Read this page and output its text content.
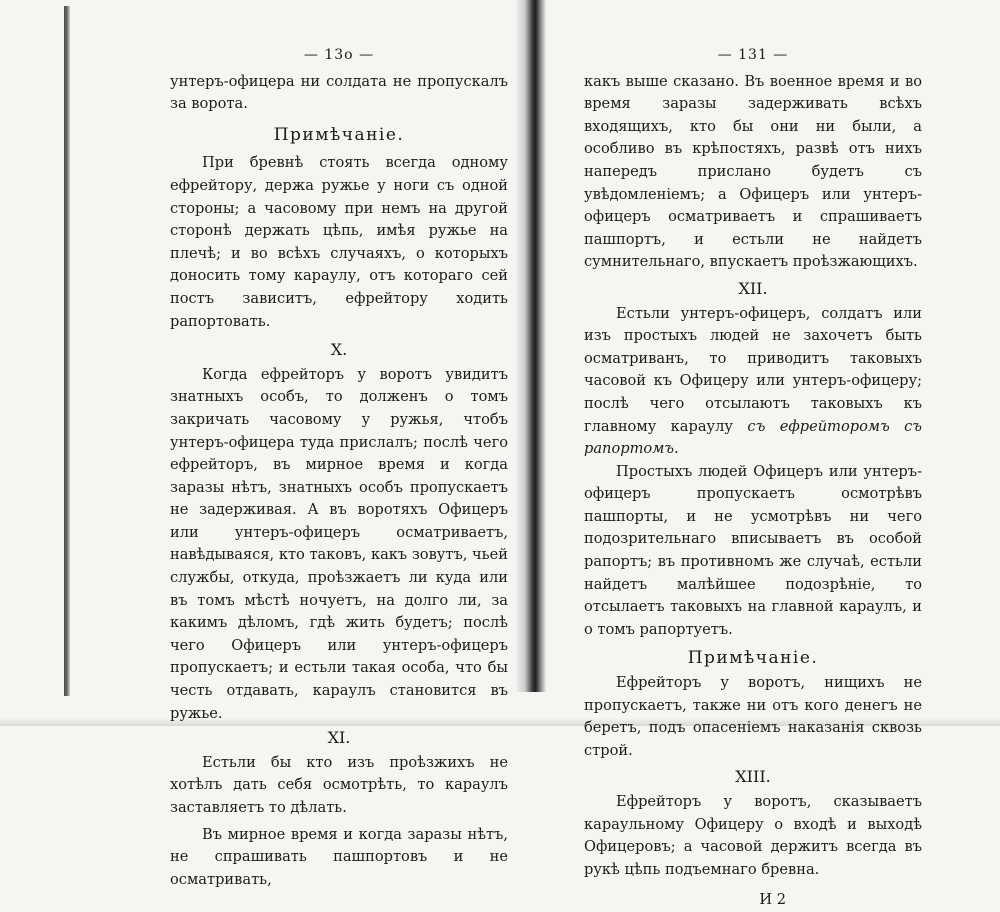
— 13о —

унтеръ-офицера ни солдата не пропускалъ за ворота.

Примѣчаніе.

При бревнѣ стоять всегда одному ефрейтору, держа ружье у ноги съ одной стороны; а часовому при немъ на другой сторонѣ держать цѣпь, имѣя ружье на плечѣ; и во всѣхъ случаяхъ, о которыхъ доносить тому караулу, отъ котораго сей постъ зависитъ, ефрейтору ходить рапортовать.

X.

Когда ефрейторъ у воротъ увидитъ знатныхъ особъ, то долженъ о томъ закричать часовому у ружья, чтобъ унтеръ-офицера туда прислалъ; послѣ чего ефрейторъ, въ мирное время и когда заразы нѣтъ, знатныхъ особъ пропускаетъ не задерживая. А въ воротяхъ Офицеръ или унтеръ-офицеръ осматриваетъ, навѣдываяся, кто таковъ, какъ зовутъ, чьей службы, откуда, проѣзжаетъ ли куда или въ томъ мѣстѣ ночуетъ, на долго ли, за какимъ дѣломъ, гдѣ жить будетъ; послѣ чего Офицеръ или унтеръ-офицеръ пропускаетъ; и естьли такая особа, что бы честь отдавать, караулъ становится въ ружье.

XI.

Естьли бы кто изъ проѣзжихъ не хотѣлъ дать себя осмотрѣть, то караулъ заставляетъ то дѣлать.

Въ мирное время и когда заразы нѣтъ, не спрашивать пашпортовъ и не осматривать,

— 131 —

какъ выше сказано. Въ военное время и во время заразы задерживать всѣхъ входящихъ, кто бы они ни были, а особливо въ крѣпостяхъ, развѣ отъ нихъ напередъ прислано будетъ съ увѣдомленіемъ; а Офицеръ или унтеръ-офицеръ осматриваетъ и спрашиваетъ пашпортъ, и естьли не найдетъ сумнительнаго, впускаетъ проѣзжающихъ.

XII.

Естьли унтеръ-офицеръ, солдатъ или изъ простыхъ людей не захочетъ быть осматриванъ, то приводитъ таковыхъ часовой къ Офицеру или унтеръ-офицеру; послѣ чего отсылаютъ таковыхъ къ главному караулу съ ефрейторомъ съ рапортомъ.

Простыхъ людей Офицеръ или унтеръ-офицеръ пропускаетъ осмотрѣвъ пашпорты, и не усмотрѣвъ ни чего подозрительнаго вписываетъ въ особой рапортъ; въ противномъ же случаѣ, естьли найдетъ малѣйшее подозрѣніе, то отсылаетъ таковыхъ на главной караулъ, и о томъ рапортуетъ.

Примѣчаніе.

Ефрейторъ у воротъ, нищихъ не пропускаетъ, также ни отъ кого денегъ не беретъ, подъ опасеніемъ наказанія сквозь строй.

XIII.

Ефрейторъ у воротъ, сказываетъ караульному Офицеру о входѣ и выходѣ Офицеровъ; а часовой держитъ всегда въ рукѣ цѣпь подъемнаго бревна.

И 2
